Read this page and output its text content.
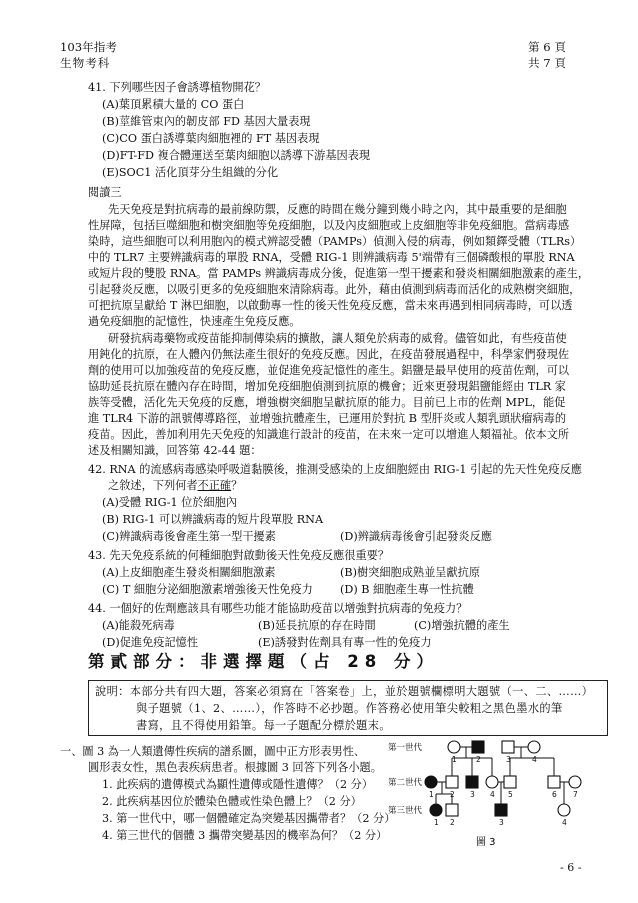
103年指考
生物考科
第 6 頁
共 7 頁
41. 下列哪些因子會誘導植物開花？
(A)葉頂累積大量的 CO 蛋白
(B)莖維管束內的韌皮部 FD 基因大量表現
(C)CO 蛋白誘導葉肉細胞裡的 FT 基因表現
(D)FT-FD 複合體運送至葉肉細胞以誘導下游基因表現
(E)SOC1 活化頂芽分生組織的分化
閱讀三
先天免疫是對抗病毒的最前線防禦，反應的時間在幾分鐘到幾小時之內，其中最重要的是細胞
性屏障，包括巨噬細胞和樹突細胞等免疫細胞，以及內皮細胞或上皮細胞等非免疫細胞。當病毒感
染時，這些細胞可以利用胞內的模式辨認受體（PAMPs）偵測入侵的病毒，例如類鐸受體（TLRs）
中的 TLR7 主要辨識病毒的單股 RNA，受體 RIG-1 則辨識病毒 5'端帶有三個磷酸根的單股 RNA
或短片段的雙股 RNA。當 PAMPs 辨識病毒成分後，促進第一型干擾素和發炎相關細胞激素的產生，
引起發炎反應，以吸引更多的免疫細胞來清除病毒。此外，藉由偵測到病毒而活化的成熟樹突細胞，
可把抗原呈獻給 T 淋巴細胞，以啟動專一性的後天性免疫反應，當未來再遇到相同病毒時，可以透
過免疫細胞的記憶性，快速產生免疫反應。
研發抗病毒藥物或疫苗能抑制傳染病的擴散，讓人類免於病毒的威脅。儘管如此，有些疫苗使
用鈍化的抗原，在人體內仍無法產生很好的免疫反應。因此，在疫苗發展過程中，科學家們發現佐
劑的使用可以加強疫苗的免疫反應，並促進免疫記憶性的產生。鋁鹽是最早使用的疫苗佐劑，可以
協助延長抗原在體內存在時間，增加免疫細胞偵測到抗原的機會；近來更發現鋁鹽能經由 TLR 家
族等受體，活化先天免疫的反應，增強樹突細胞呈獻抗原的能力。目前已上市的佐劑 MPL，能促
進 TLR4 下游的訊號傳導路徑，並增強抗體產生，已運用於對抗 B 型肝炎或人類乳頭狀瘤病毒的
疫苗。因此，善加利用先天免疫的知識進行設計的疫苗，在未來一定可以增進人類福祉。依本文所
述及相關知識，回答第 42-44 題：
42. RNA 的流感病毒感染呼吸道黏膜後，推測受感染的上皮細胞經由 RIG-1 引起的先天性免疫反應
之敘述，下列何者不正確？
(A)受體 RIG-1 位於細胞內
(B) RIG-1 可以辨識病毒的短片段單股 RNA
(C)辨識病毒後會產生第一型干擾素	(D)辨識病毒後會引起發炎反應
43. 先天免疫系統的何種細胞對啟動後天性免疫反應很重要？
(A)上皮細胞產生發炎相關細胞激素	(B)樹突細胞成熟並呈獻抗原
(C) T 細胞分泌細胞激素增強後天性免疫力 (D) B 細胞產生專一性抗體
44. 一個好的佐劑應該具有哪些功能才能協助疫苗以增強對抗病毒的免疫力？
(A)能殺死病毒	(B)延長抗原的存在時間	(C)增強抗體的產生
(D)促進免疫記憶性	(E)誘發對佐劑具有專一性的免疫力
第貳部分：非選擇題（占 28 分）
說明：本部分共有四大題，答案必須寫在「答案卷」上，並於題號欄標明大題號（一、二、……）
與子題號（1、2、……），作答時不必抄題。作答務必使用筆尖較粗之黑色墨水的筆
書寫，且不得使用鉛筆。每一子題配分標於題末。
一、圖 3 為一人類遺傳性疾病的譜系圖，圖中正方形表男性、
圓形表女性，黑色表疾病患者。根據圖 3 回答下列各小題。
1. 此疾病的遺傳模式為顯性遺傳或隱性遺傳？（2 分）
2. 此疾病基因位於體染色體或性染色體上？（2 分）
3. 第一世代中，哪一個體確定為突變基因攜帶者？（2 分）
4. 第三世代的個體 3 攜帶突變基因的機率為何？（2 分）
第一世代
第二世代
第三世代
1	2	3	4
1 2 3 4 5	6 7
1 2	3	4
圖 3
- 6 -
